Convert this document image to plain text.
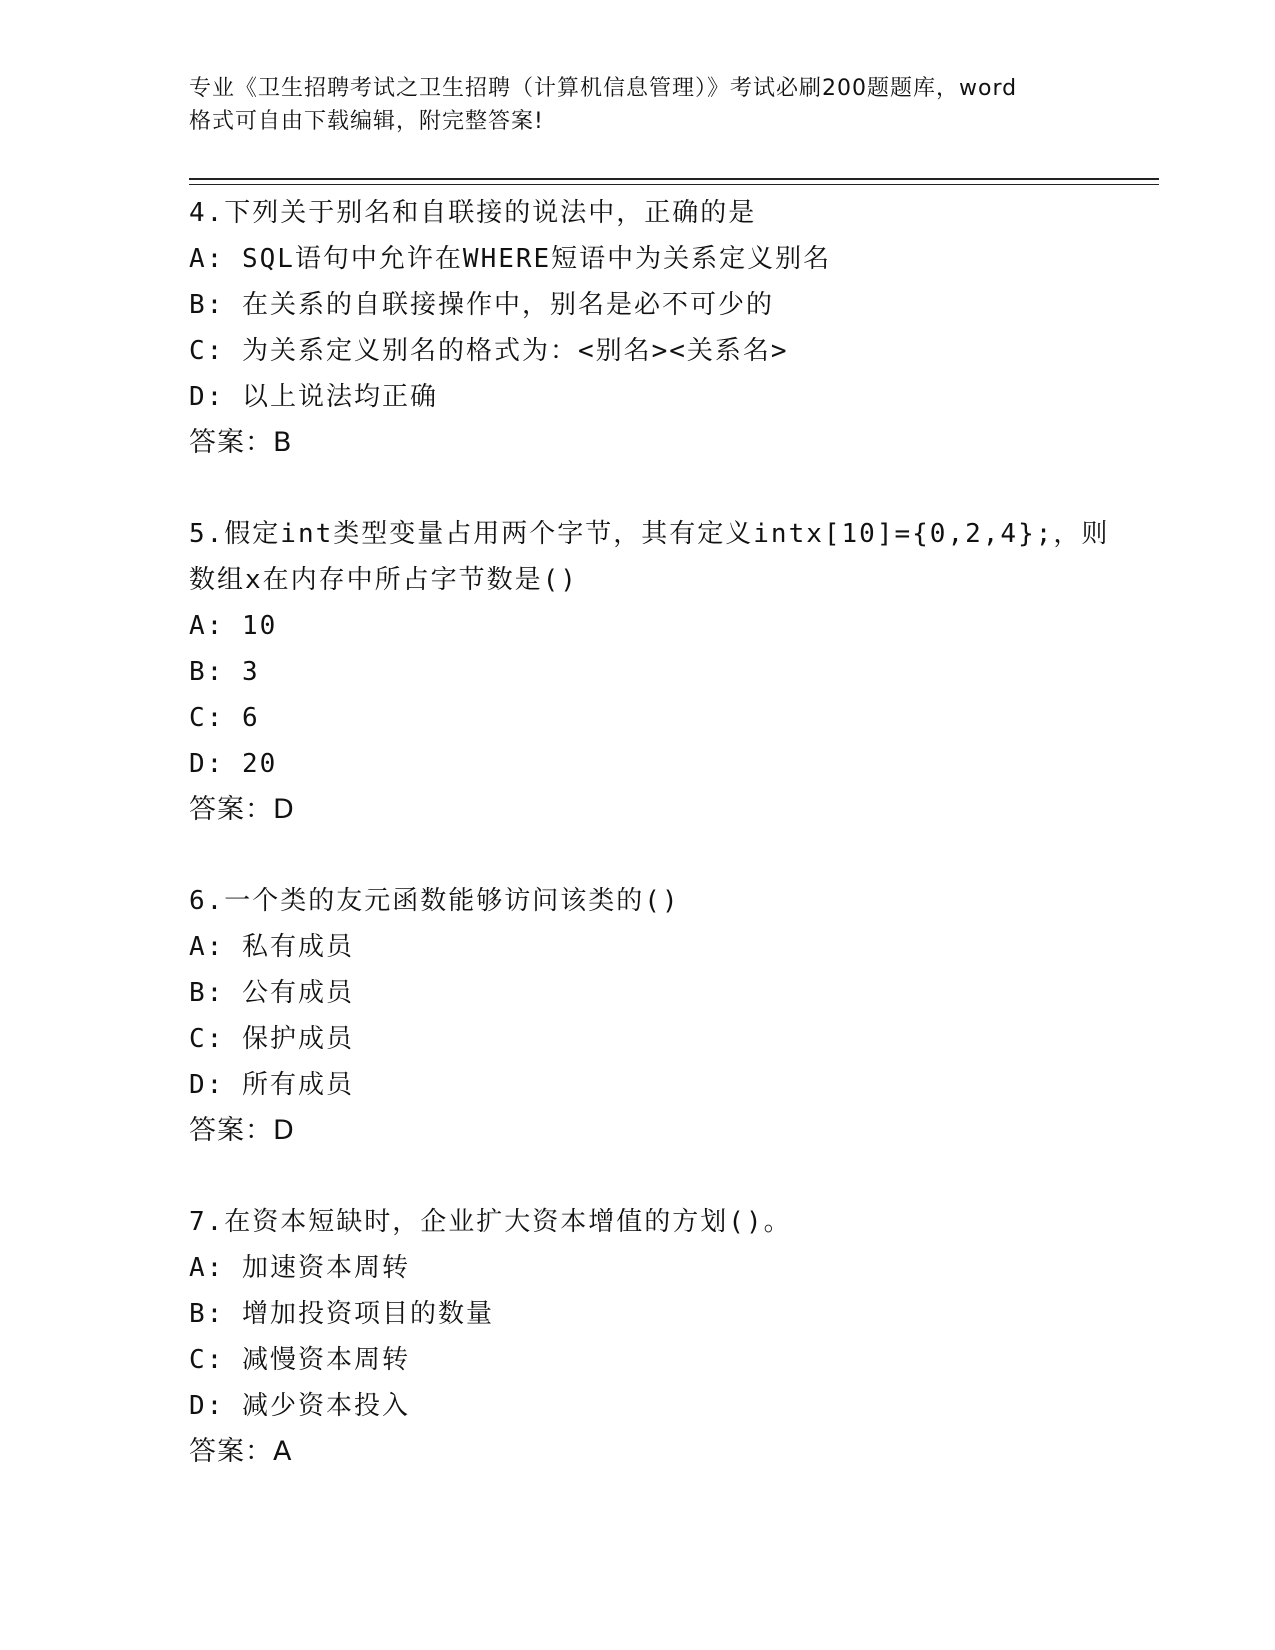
专业《卫生招聘考试之卫生招聘（计算机信息管理）》考试必刷200题题库，word
格式可自由下载编辑，附完整答案!
4.下列关于别名和自联接的说法中，正确的是
A: SQL语句中允许在WHERE短语中为关系定义别名
B: 在关系的自联接操作中，别名是必不可少的
C: 为关系定义别名的格式为：<别名><关系名>
D: 以上说法均正确
答案：B
5.假定int类型变量占用两个字节，其有定义intx[10]={0,2,4};，则
数组x在内存中所占字节数是()
A: 10
B: 3
C: 6
D: 20
答案：D
6.一个类的友元函数能够访问该类的()
A: 私有成员
B: 公有成员
C: 保护成员
D: 所有成员
答案：D
7.在资本短缺时，企业扩大资本增值的方划()。
A: 加速资本周转
B: 增加投资项目的数量
C: 减慢资本周转
D: 减少资本投入
答案：A
